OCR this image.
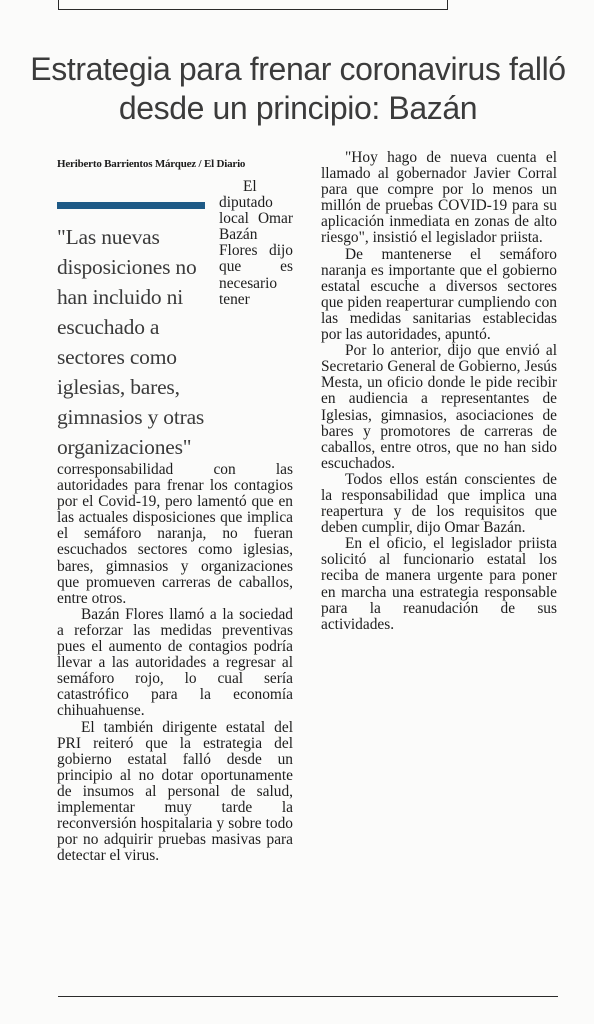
Estrategia para frenar coronavirus falló desde un principio: Bazán
Heriberto Barrientos Márquez / El Diario
"Las nuevas disposiciones no han incluido ni escuchado a sectores como iglesias, bares, gimnasios y otras organizaciones"

El diputado local Omar Bazán Flores dijo que es necesario tener corresponsabilidad con las autoridades para frenar los contagios por el Covid-19, pero lamentó que en las actuales disposiciones que implica el semáforo naranja, no fueran escuchados sectores como iglesias, bares, gimnasios y organizaciones que promueven carreras de caballos, entre otros.

Bazán Flores llamó a la sociedad a reforzar las medidas preventivas pues el aumento de contagios podría llevar a las autoridades a regresar al semáforo rojo, lo cual sería catastrófico para la economía chihuahuense.

El también dirigente estatal del PRI reiteró que la estrategia del gobierno estatal falló desde un principio al no dotar oportunamente de insumos al personal de salud, implementar muy tarde la reconversión hospitalaria y sobre todo por no adquirir pruebas masivas para detectar el virus.

"Hoy hago de nueva cuenta el llamado al gobernador Javier Corral para que compre por lo menos un millón de pruebas COVID-19 para su aplicación inmediata en zonas de alto riesgo", insistió el legislador priista.

De mantenerse el semáforo naranja es importante que el gobierno estatal escuche a diversos sectores que piden reaperturar cumpliendo con las medidas sanitarias establecidas por las autoridades, apuntó.

Por lo anterior, dijo que envió al Secretario General de Gobierno, Jesús Mesta, un oficio donde le pide recibir en audiencia a representantes de Iglesias, gimnasios, asociaciones de bares y promotores de carreras de caballos, entre otros, que no han sido escuchados.

Todos ellos están conscientes de la responsabilidad que implica una reapertura y de los requisitos que deben cumplir, dijo Omar Bazán.

En el oficio, el legislador priista solicitó al funcionario estatal los reciba de manera urgente para poner en marcha una estrategia responsable para la reanudación de sus actividades.
